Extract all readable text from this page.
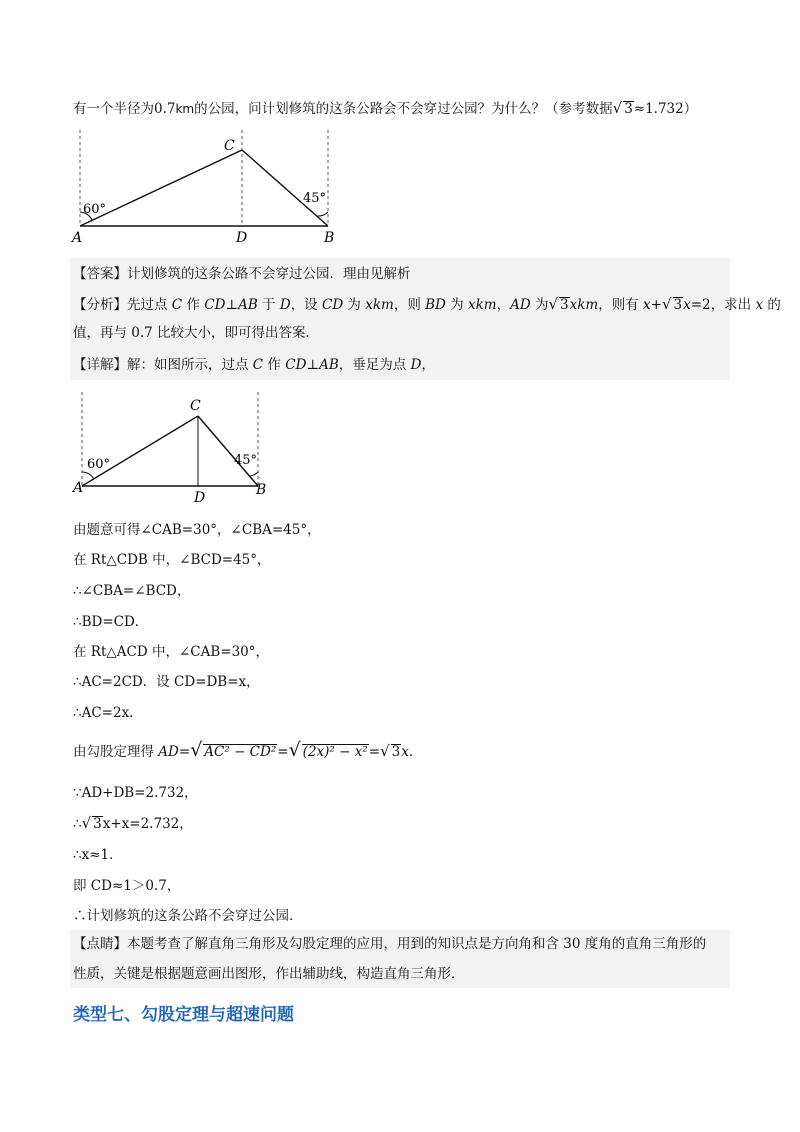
有一个半径为0.7km的公园，问计划修筑的这条公路会不会穿过公园？为什么？（参考数据√ 3≈1.732）
C
A	D	B
60°
45°
【答案】计划修筑的这条公路不会穿过公园．理由见解析
【分析】先过点 C 作 CD⊥AB 于 D，设 CD 为 xkm，则 BD 为 xkm，AD 为√ 3xkm，则有 x+√ 3x=2，求出 x 的
值，再与 0.7 比较大小，即可得出答案．
【详解】解：如图所示，过点 C 作 CD⊥AB，垂足为点 D，
C
A
D	B
60°	45°
由题意可得∠CAB=30°，∠CBA=45°，
在 Rt△CDB 中，∠BCD=45°，
∴∠CBA=∠BCD，
∴BD=CD．
在 Rt△ACD 中，∠CAB=30°，
∴AC=2CD．设 CD=DB=x，
∴AC=2x．
由勾股定理得 AD=√ AC² − CD²=√ (2x)² − x²=√ 3x．
∵AD+DB=2.732，
∴√ 3x+x=2.732，
∴x≈1．
即 CD≈1＞0.7，
∴计划修筑的这条公路不会穿过公园．
【点睛】本题考查了解直角三角形及勾股定理的应用，用到的知识点是方向角和含 30 度角的直角三角形的
性质，关键是根据题意画出图形，作出辅助线，构造直角三角形．
类型七、勾股定理与超速问题
